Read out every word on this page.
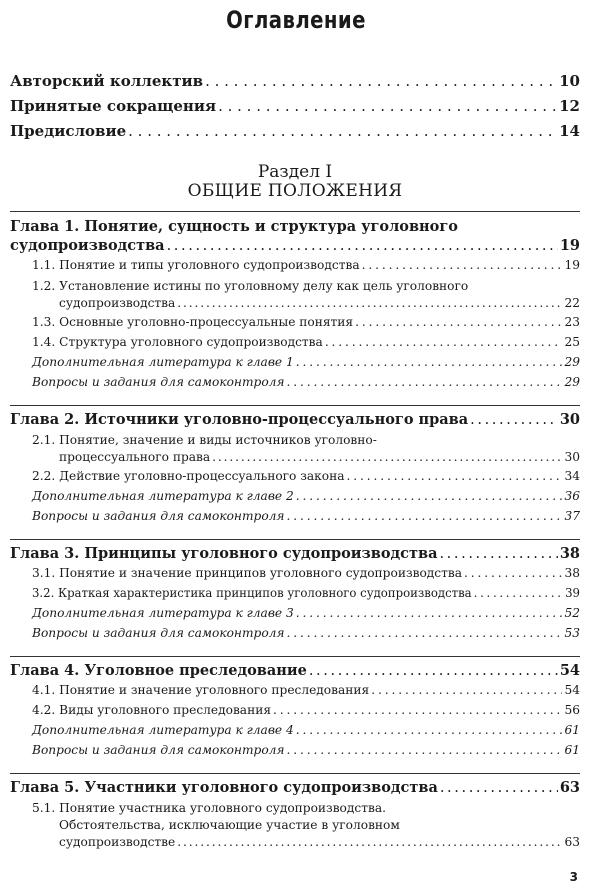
Оглавление
Авторский коллектив . . .	10
Принятые сокращения . . .	12
Предисловие . . .	14
Раздел I
ОБЩИЕ ПОЛОЖЕНИЯ
Глава 1. Понятие, сущность и структура уголовного
судопроизводства . . .	19
1.1. Понятие и типы уголовного судопроизводства . . .	19
1.2. Установление истины по уголовному делу как цель уголовного
судопроизводства . . .	22
1.3. Основные уголовно-процессуальные понятия . . .	23
1.4. Структура уголовного судопроизводства . . .	25
Дополнительная литература к главе 1 . . .	29
Вопросы и задания для самоконтроля . . .	29
Глава 2. Источники уголовно-процессуального права . . .	30
2.1. Понятие, значение и виды источников уголовно-
процессуального права . . .	30
2.2. Действие уголовно-процессуального закона . . .	34
Дополнительная литература к главе 2 . . .	36
Вопросы и задания для самоконтроля . . .	37
Глава 3. Принципы уголовного судопроизводства . . .	38
3.1. Понятие и значение принципов уголовного судопроизводства . . .	38
3.2. Краткая характеристика принципов уголовного судопроизводства . . .	39
Дополнительная литература к главе 3 . . .	52
Вопросы и задания для самоконтроля . . .	53
Глава 4. Уголовное преследование . . .	54
4.1. Понятие и значение уголовного преследования . . .	54
4.2. Виды уголовного преследования . . .	56
Дополнительная литература к главе 4 . . .	61
Вопросы и задания для самоконтроля . . .	61
Глава 5. Участники уголовного судопроизводства . . .	63
5.1. Понятие участника уголовного судопроизводства.
Обстоятельства, исключающие участие в уголовном
судопроизводстве . . .	63
3
